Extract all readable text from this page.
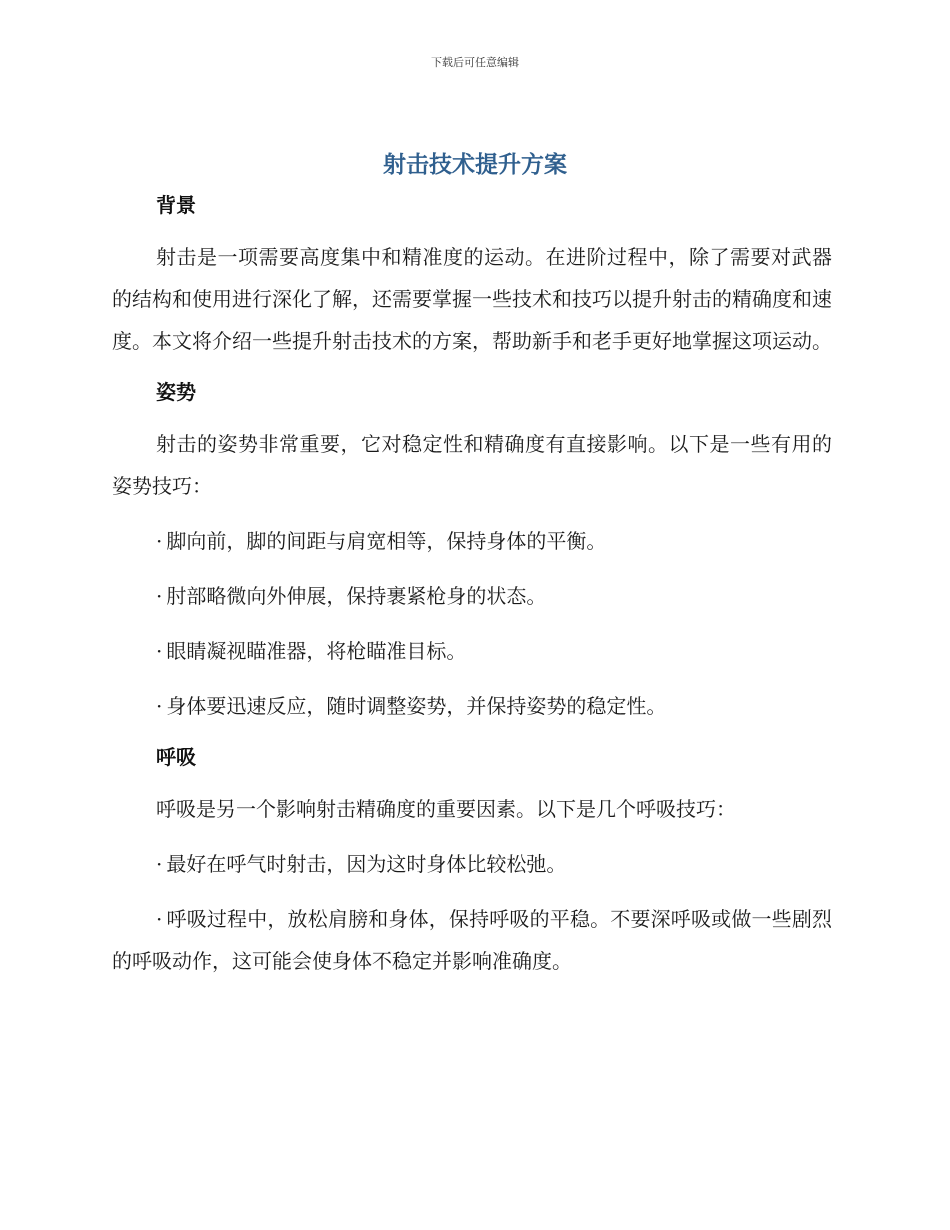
下载后可任意编辑
射击技术提升方案
背景

射击是一项需要高度集中和精准度的运动。在进阶过程中，除了需要对武器的结构和使用进行深化了解，还需要掌握一些技术和技巧以提升射击的精确度和速度。本文将介绍一些提升射击技术的方案，帮助新手和老手更好地掌握这项运动。

姿势

射击的姿势非常重要，它对稳定性和精确度有直接影响。以下是一些有用的姿势技巧：

· 脚向前，脚的间距与肩宽相等，保持身体的平衡。

· 肘部略微向外伸展，保持裹紧枪身的状态。

· 眼睛凝视瞄准器，将枪瞄准目标。

· 身体要迅速反应，随时调整姿势，并保持姿势的稳定性。

呼吸

呼吸是另一个影响射击精确度的重要因素。以下是几个呼吸技巧：

· 最好在呼气时射击，因为这时身体比较松弛。

· 呼吸过程中，放松肩膀和身体，保持呼吸的平稳。不要深呼吸或做一些剧烈的呼吸动作，这可能会使身体不稳定并影响准确度。
